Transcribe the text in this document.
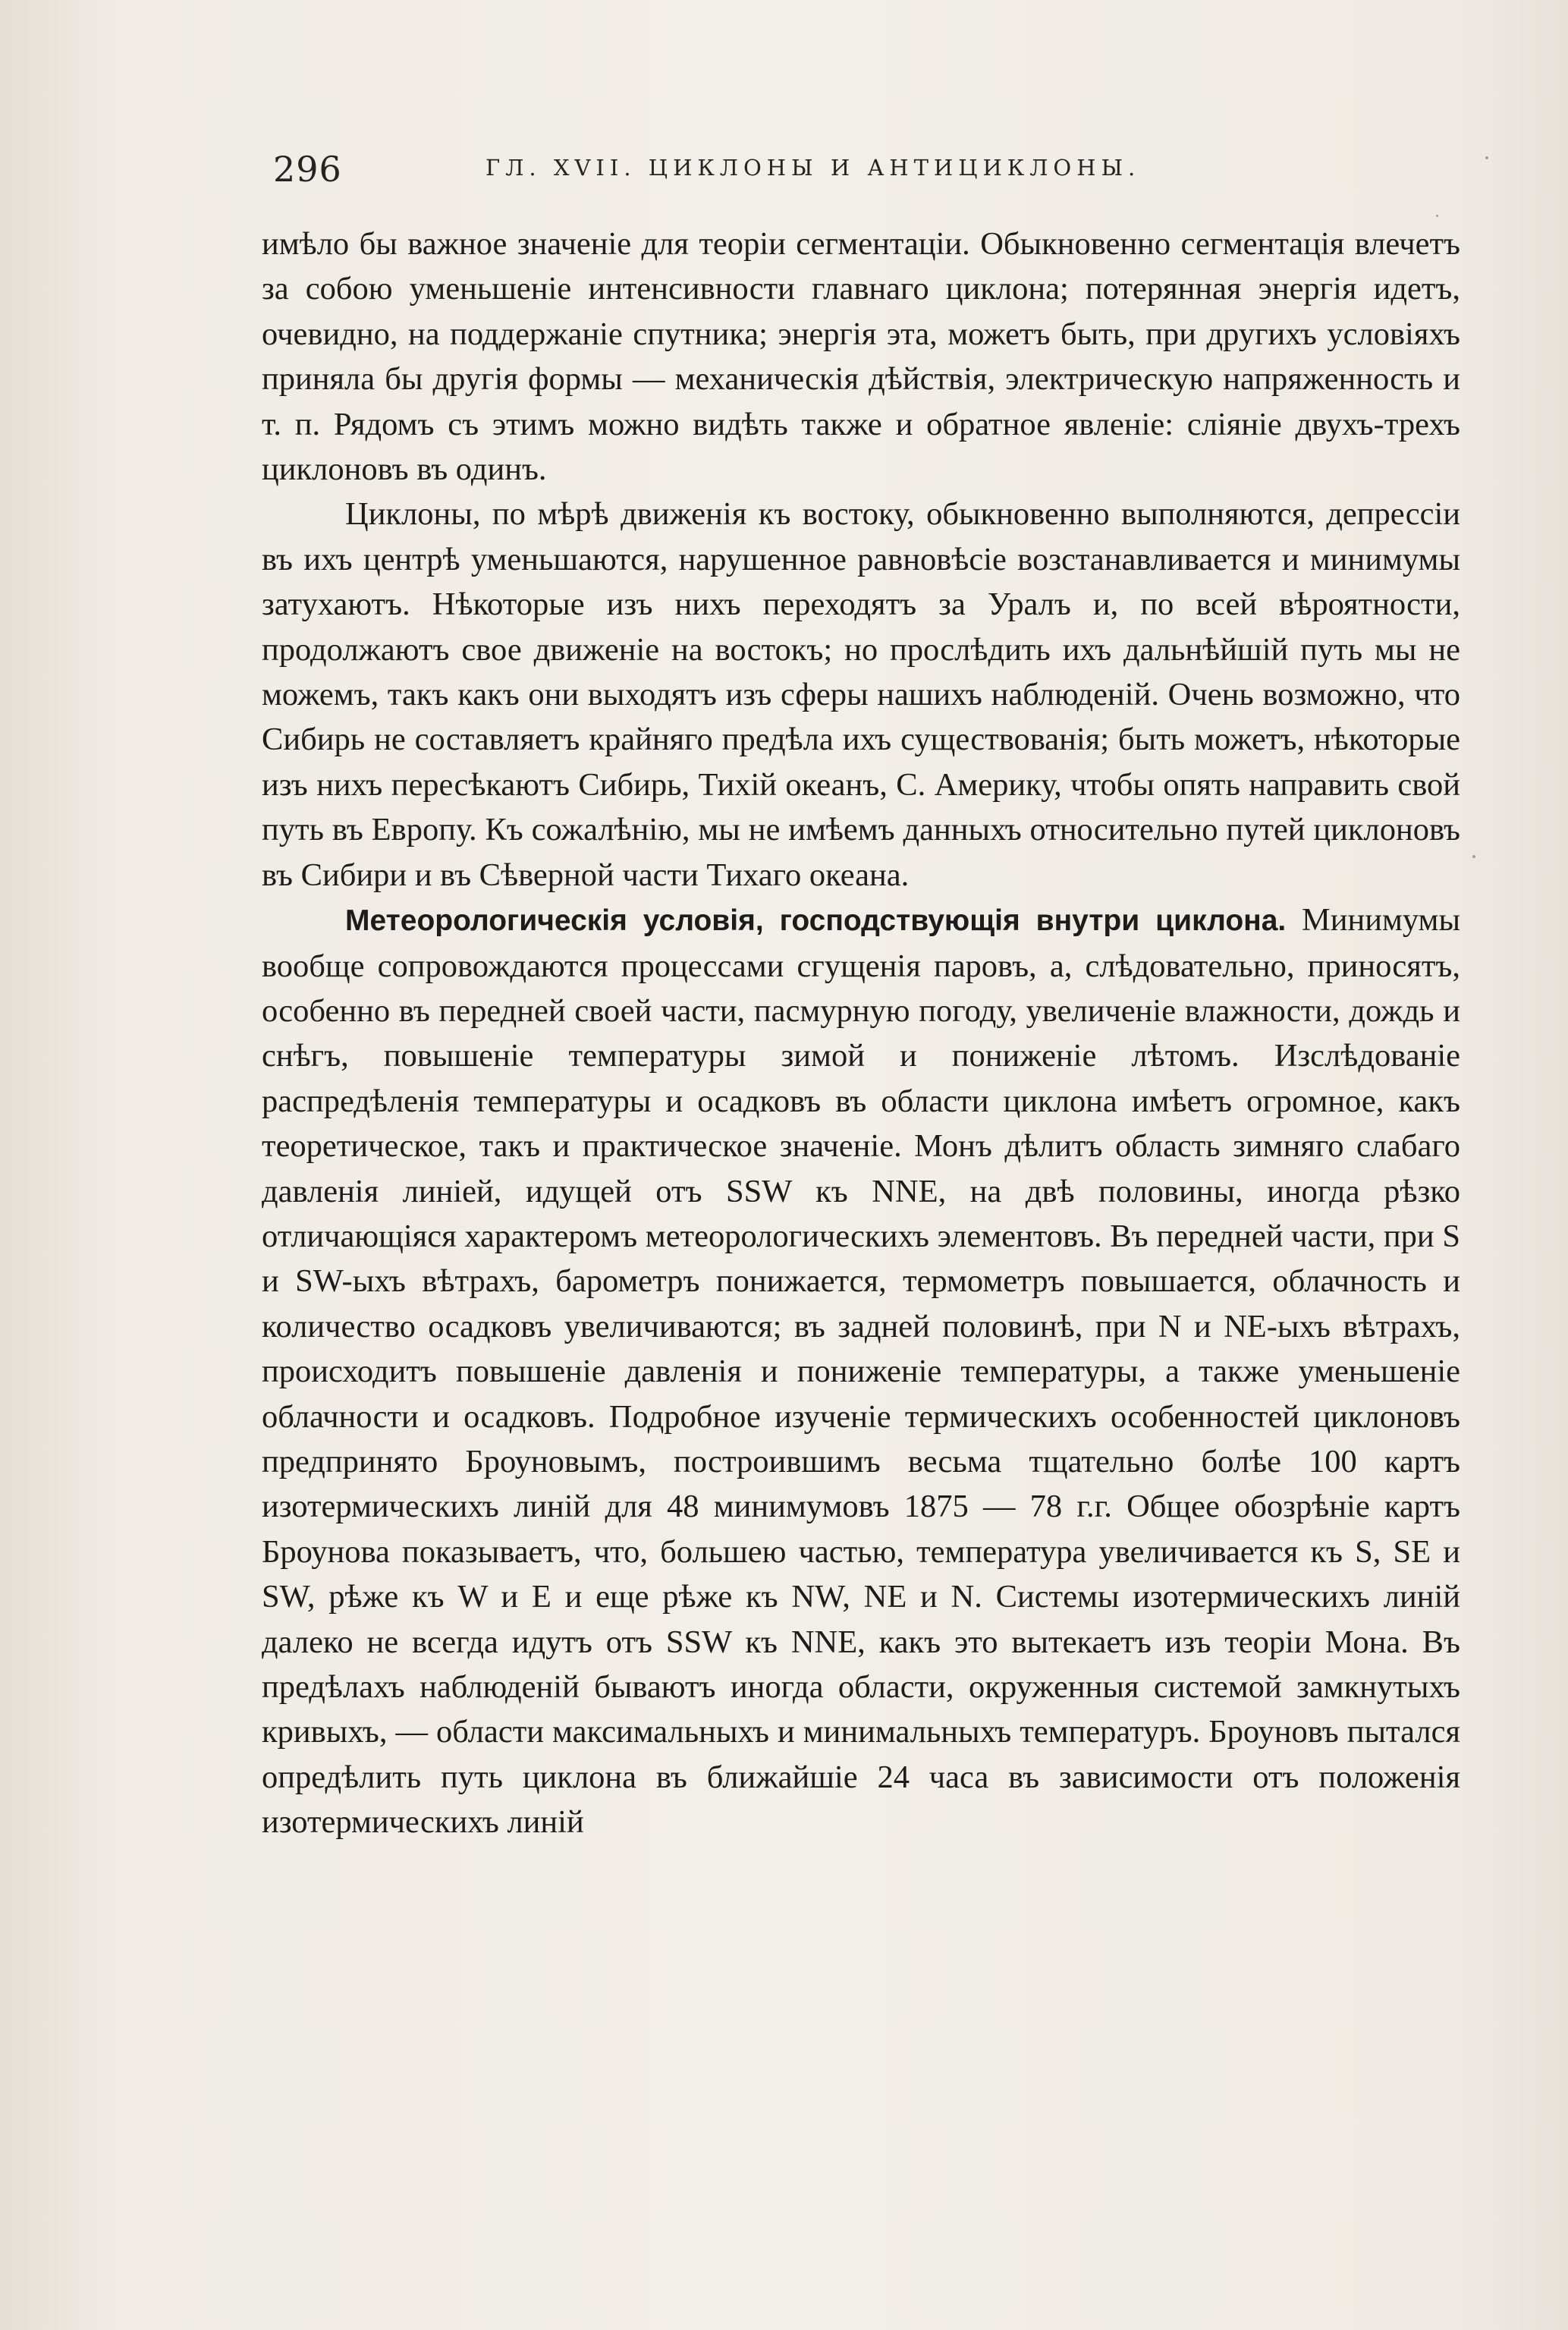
296	ГЛ. XVII. ЦИКЛОНЫ И АНТИЦИКЛОНЫ.

имѣло бы важное значенiе для теорiи сегментацiи. Обыкновенно сегментацiя влечетъ за собою уменьшенiе интенсивности главнаго циклона; потерянная энергiя идетъ, очевидно, на поддержанiе спутника; энергiя эта, можетъ быть, при другихъ условiяхъ приняла бы другiя формы — механическiя дѣйствiя, электрическую напряженность и т. п. Рядомъ съ этимъ можно видѣть также и обратное явленiе: слiянiе двухъ-трехъ циклоновъ въ одинъ.

Циклоны, по мѣрѣ движенiя къ востоку, обыкновенно выполняются, депрессiи въ ихъ центрѣ уменьшаются, нарушенное равновѣсiе возстанавливается и минимумы затухаютъ. Нѣкоторые изъ нихъ переходятъ за Уралъ и, по всей вѣроятности, продолжаютъ свое движенiе на востокъ; но прослѣдить ихъ дальнѣйшiй путь мы не можемъ, такъ какъ они выходятъ изъ сферы нашихъ наблюденiй. Очень возможно, что Сибирь не составляетъ крайняго предѣла ихъ существованiя; быть можетъ, нѣкоторые изъ нихъ пересѣкаютъ Сибирь, Тихiй океанъ, С. Америку, чтобы опять направить свой путь въ Европу. Къ сожалѣнiю, мы не имѣемъ данныхъ относительно путей циклоновъ въ Сибири и въ Сѣверной части Тихаго океана.

Метеорологическiя условiя, господствующiя внутри циклона. Минимумы вообще сопровождаются процессами сгущенiя паровъ, а, слѣдовательно, приносятъ, особенно въ передней своей части, пасмурную погоду, увеличенiе влажности, дождь и снѣгъ, повышенiе температуры зимой и пониженiе лѣтомъ. Изслѣдованiе распредѣленiя температуры и осадковъ въ области циклона имѣетъ огромное, какъ теоретическое, такъ и практическое значенiе. Монъ дѣлитъ область зимняго слабаго давленiя линiей, идущей отъ SSW къ NNE, на двѣ половины, иногда рѣзко отличающiяся характеромъ метеорологическихъ элементовъ. Въ передней части, при S и SW-ыхъ вѣтрахъ, барометръ понижается, термометръ повышается, облачность и количество осадковъ увеличиваются; въ задней половинѣ, при N и NE-ыхъ вѣтрахъ, происходитъ повышенiе давленiя и пониженiе температуры, а также уменьшенiе облачности и осадковъ. Подробное изученiе термическихъ особенностей циклоновъ предпринято Броуновымъ, построившимъ весьма тщательно болѣе 100 картъ изотермическихъ линiй для 48 минимумовъ 1875 — 78 г.г. Общее обозрѣнiе картъ Броунова показываетъ, что, большею частью, температура увеличивается къ S, SE и SW, рѣже къ W и E и еще рѣже къ NW, NE и N. Системы изотермическихъ линiй далеко не всегда идутъ отъ SSW къ NNE, какъ это вытекаетъ изъ теорiи Мона. Въ предѣлахъ наблюденiй бываютъ иногда области, окруженныя системой замкнутыхъ кривыхъ, — области максимальныхъ и минимальныхъ температуръ. Броуновъ пытался опредѣлить путь циклона въ ближайшiе 24 часа въ зависимости отъ положенiя изотермическихъ линiй
